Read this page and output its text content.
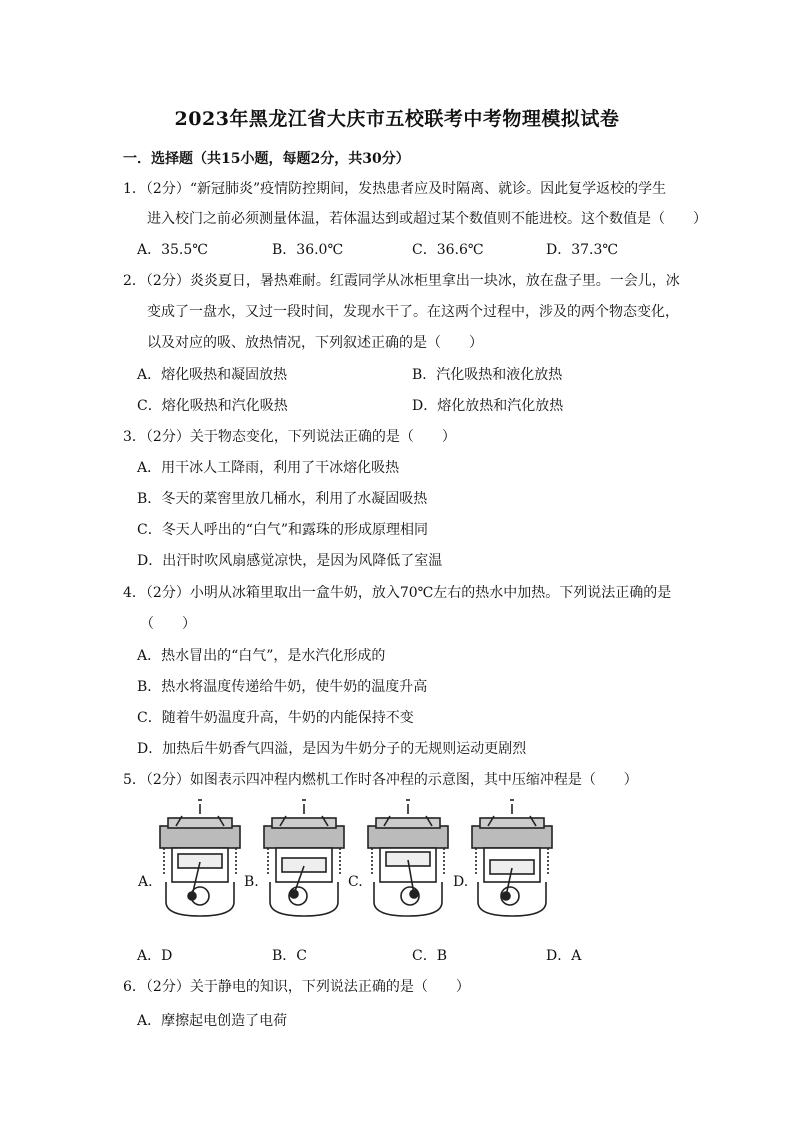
2023年黑龙江省大庆市五校联考中考物理模拟试卷
一．选择题（共15小题，每题2分，共30分）
1．（2分）“新冠肺炎”疫情防控期间，发热患者应及时隔离、就诊。因此复学返校的学生
进入校门之前必须测量体温，若体温达到或超过某个数值则不能进校。这个数值是（　　）
A．35.5℃	B．36.0℃	C．36.6℃	D．37.3℃
2．（2分）炎炎夏日，暑热难耐。红霞同学从冰柜里拿出一块冰，放在盘子里。一会儿，冰
变成了一盘水，又过一段时间，发现水干了。在这两个过程中，涉及的两个物态变化，
以及对应的吸、放热情况，下列叙述正确的是（　　）
A．熔化吸热和凝固放热	B．汽化吸热和液化放热
C．熔化吸热和汽化吸热	D．熔化放热和汽化放热
3．（2分）关于物态变化，下列说法正确的是（　　）
A．用干冰人工降雨，利用了干冰熔化吸热
B．冬天的菜窖里放几桶水，利用了水凝固吸热
C．冬天人呼出的“白气”和露珠的形成原理相同
D．出汗时吹风扇感觉凉快，是因为风降低了室温
4．（2分）小明从冰箱里取出一盒牛奶，放入70℃左右的热水中加热。下列说法正确的是
（　　）
A．热水冒出的“白气”，是水汽化形成的
B．热水将温度传递给牛奶，使牛奶的温度升高
C．随着牛奶温度升高，牛奶的内能保持不变
D．加热后牛奶香气四溢，是因为牛奶分子的无规则运动更剧烈
5．（2分）如图表示四冲程内燃机工作时各冲程的示意图，其中压缩冲程是（　　）
A.	B.	C.	D.
A．D	B．C	C．B	D．A
6．（2分）关于静电的知识，下列说法正确的是（　　）
A．摩擦起电创造了电荷
